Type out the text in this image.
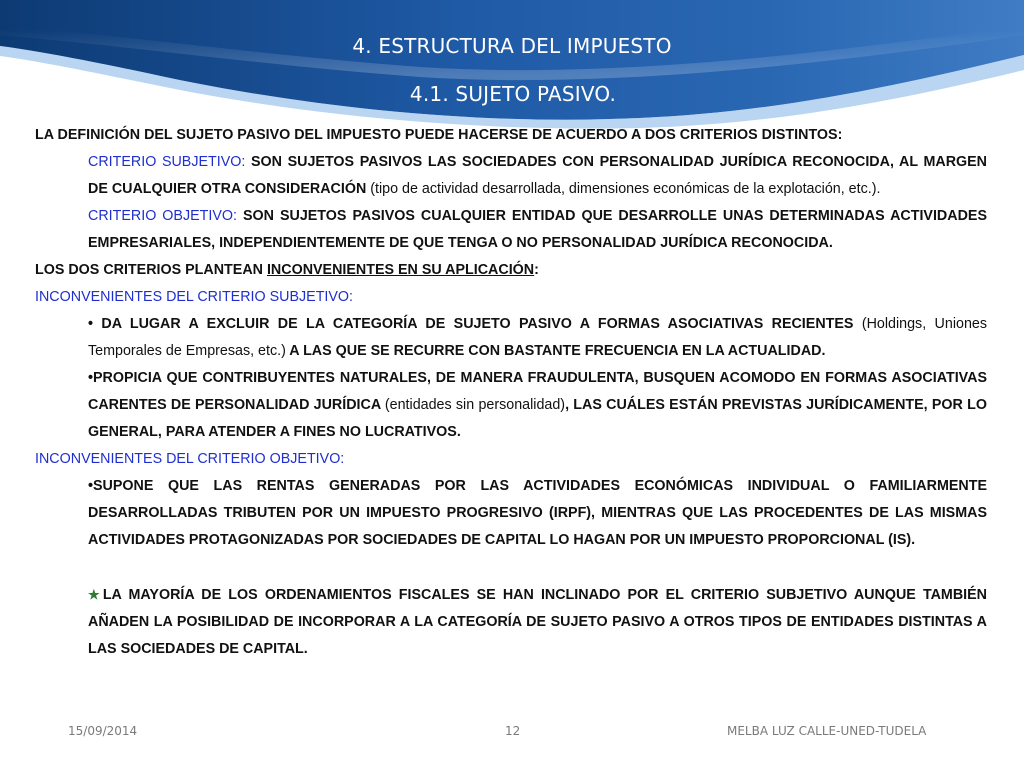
4. ESTRUCTURA DEL IMPUESTO
4.1. SUJETO PASIVO.
LA DEFINICIÓN DEL SUJETO PASIVO DEL IMPUESTO PUEDE HACERSE DE ACUERDO A DOS CRITERIOS DISTINTOS:
CRITERIO SUBJETIVO: SON SUJETOS PASIVOS LAS SOCIEDADES CON PERSONALIDAD JURÍDICA RECONOCIDA, AL MARGEN DE CUALQUIER OTRA CONSIDERACIÓN (tipo de actividad desarrollada, dimensiones económicas de la explotación, etc.).
CRITERIO OBJETIVO: SON SUJETOS PASIVOS CUALQUIER ENTIDAD QUE DESARROLLE UNAS DETERMINADAS ACTIVIDADES EMPRESARIALES, INDEPENDIENTEMENTE DE QUE TENGA O NO PERSONALIDAD JURÍDICA RECONOCIDA.
LOS DOS CRITERIOS PLANTEAN INCONVENIENTES EN SU APLICACIÓN:
INCONVENIENTES DEL CRITERIO SUBJETIVO:
• DA LUGAR A EXCLUIR DE LA CATEGORÍA DE SUJETO PASIVO A FORMAS ASOCIATIVAS RECIENTES (Holdings, Uniones Temporales de Empresas, etc.) A LAS QUE SE RECURRE CON BASTANTE FRECUENCIA EN LA ACTUALIDAD.
•PROPICIA QUE CONTRIBUYENTES NATURALES, DE MANERA FRAUDULENTA, BUSQUEN ACOMODO EN FORMAS ASOCIATIVAS CARENTES DE PERSONALIDAD JURÍDICA (entidades sin personalidad), LAS CUÁLES ESTÁN PREVISTAS JURÍDICAMENTE, POR LO GENERAL, PARA ATENDER A FINES NO LUCRATIVOS.
INCONVENIENTES DEL CRITERIO OBJETIVO:
•SUPONE QUE LAS RENTAS GENERADAS POR LAS ACTIVIDADES ECONÓMICAS INDIVIDUAL O FAMILIARMENTE DESARROLLADAS TRIBUTEN POR UN IMPUESTO PROGRESIVO (IRPF), MIENTRAS QUE LAS PROCEDENTES DE LAS MISMAS ACTIVIDADES PROTAGONIZADAS POR SOCIEDADES DE CAPITAL LO HAGAN POR UN IMPUESTO PROPORCIONAL (IS).
★LA MAYORÍA DE LOS ORDENAMIENTOS FISCALES SE HAN INCLINADO POR EL CRITERIO SUBJETIVO AUNQUE TAMBIÉN AÑADEN LA POSIBILIDAD DE INCORPORAR A LA CATEGORÍA DE SUJETO PASIVO A OTROS TIPOS DE ENTIDADES DISTINTAS A LAS SOCIEDADES DE CAPITAL.
15/09/2014	12	MELBA LUZ CALLE-UNED-TUDELA
